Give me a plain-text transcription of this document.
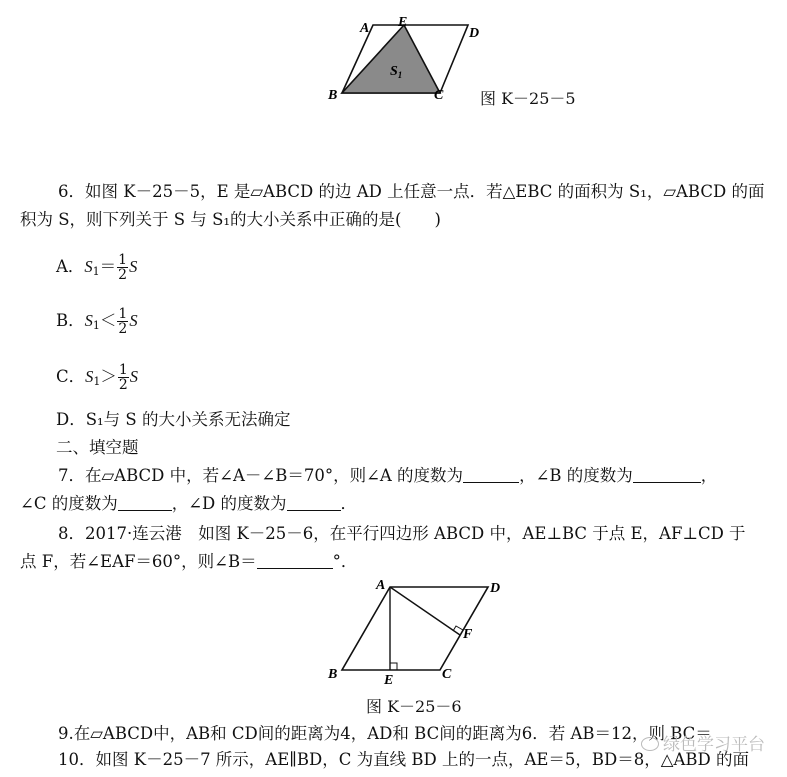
A E
D
B	C
$S_1$
图 K－25－5
6．如图 K－25－5，E 是▱ABCD 的边 AD 上任意一点．若△EBC 的面积为 S₁，▱ABCD 的面
积为 S，则下列关于 S 与 S₁的大小关系中正确的是(　　)
A．$S_1= \frac{1}{2}$ S
B．$S_1< \frac{1}{2}$ S
C．$S_1> \frac{1}{2}$ S
D．S₁与 S 的大小关系无法确定
二、填空题
7．在▱ABCD 中，若∠A－∠B＝70°，则∠A 的度数为	，∠B 的度数为	，
∠C 的度数为	，∠D 的度数为	．
8．2017·连云港　如图 K－25－6，在平行四边形 ABCD 中，AE⊥BC 于点 E，AF⊥CD 于
点 F，若∠EAF＝60°，则∠B＝	°．
A	D
F
B	E	C
图 K－25－6
9.在▱ABCD中，AB和 CD间的距离为4，AD和 BC间的距离为6．若 AB＝12，则 BC＝
10．如图 K－25－7 所示，AE∥BD，C 为直线 BD 上的一点，AE＝5，BD＝8，△ABD 的面
绿色学习平台
